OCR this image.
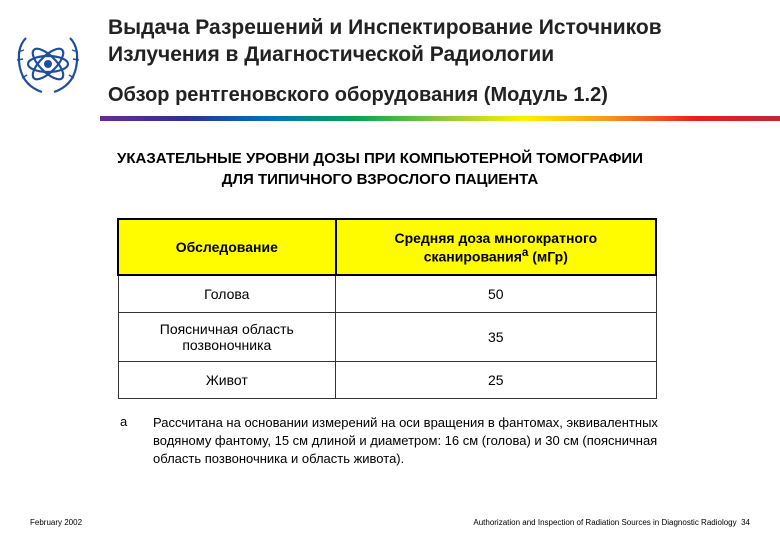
Выдача Разрешений и Инспектирование Источников Излучения в Диагностической Радиологии
Обзор рентгеновского оборудования (Модуль 1.2)
УКАЗАТЕЛЬНЫЕ УРОВНИ ДОЗЫ ПРИ КОМПЬЮТЕРНОЙ ТОМОГРАФИИ ДЛЯ ТИПИЧНОГО ВЗРОСЛОГО ПАЦИЕНТА
Обследование	Средняя доза многократного сканирования$^a$ (мГр)
Голова	50
Поясничная область позвоночника	35
Живот	25
a Рассчитана на основании измерений на оси вращения в фантомах, эквивалентных водяному фантому, 15 см длиной и диаметром: 16 см (голова) и 30 см (поясничная область позвоночника и область живота).
February 2002	Authorization and Inspection of Radiation Sources in Diagnostic Radiology 34
